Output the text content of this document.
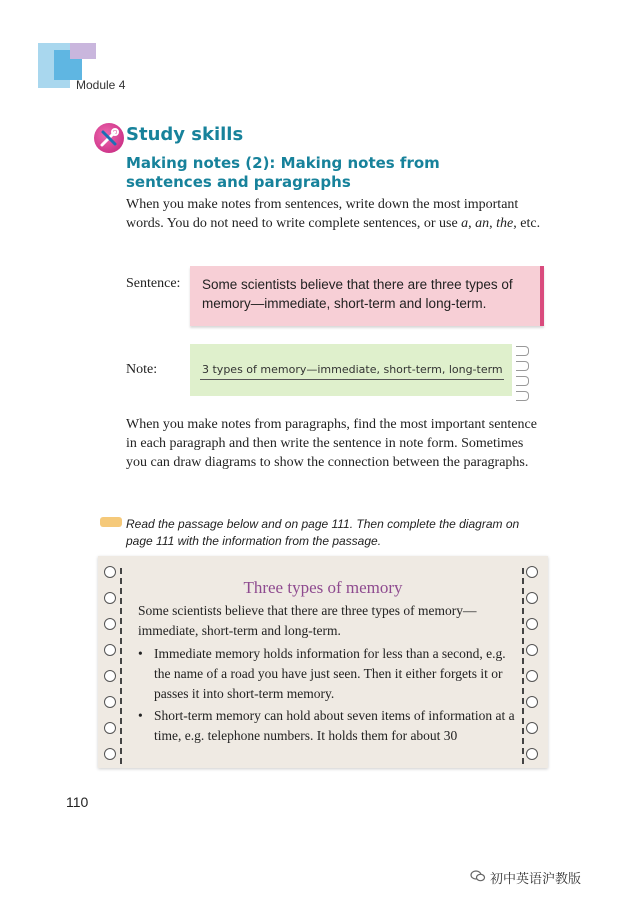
Module 4
Study skills
Making notes (2): Making notes from sentences and paragraphs
When you make notes from sentences, write down the most important words. You do not need to write complete sentences, or use a, an, the, etc.
Sentence: Some scientists believe that there are three types of memory—immediate, short-term and long-term.
Note:	3 types of memory—immediate, short-term, long-term
When you make notes from paragraphs, find the most important sentence in each paragraph and then write the sentence in note form. Sometimes you can draw diagrams to show the connection between the paragraphs.
Read the passage below and on page 111. Then complete the diagram on page 111 with the information from the passage.
Three types of memory
Some scientists believe that there are three types of memory—immediate, short-term and long-term.
• Immediate memory holds information for less than a second, e.g. the name of a road you have just seen. Then it either forgets it or passes it into short-term memory.
• Short-term memory can hold about seven items of information at a time, e.g. telephone numbers. It holds them for about 30
110
初中英语沪教版
